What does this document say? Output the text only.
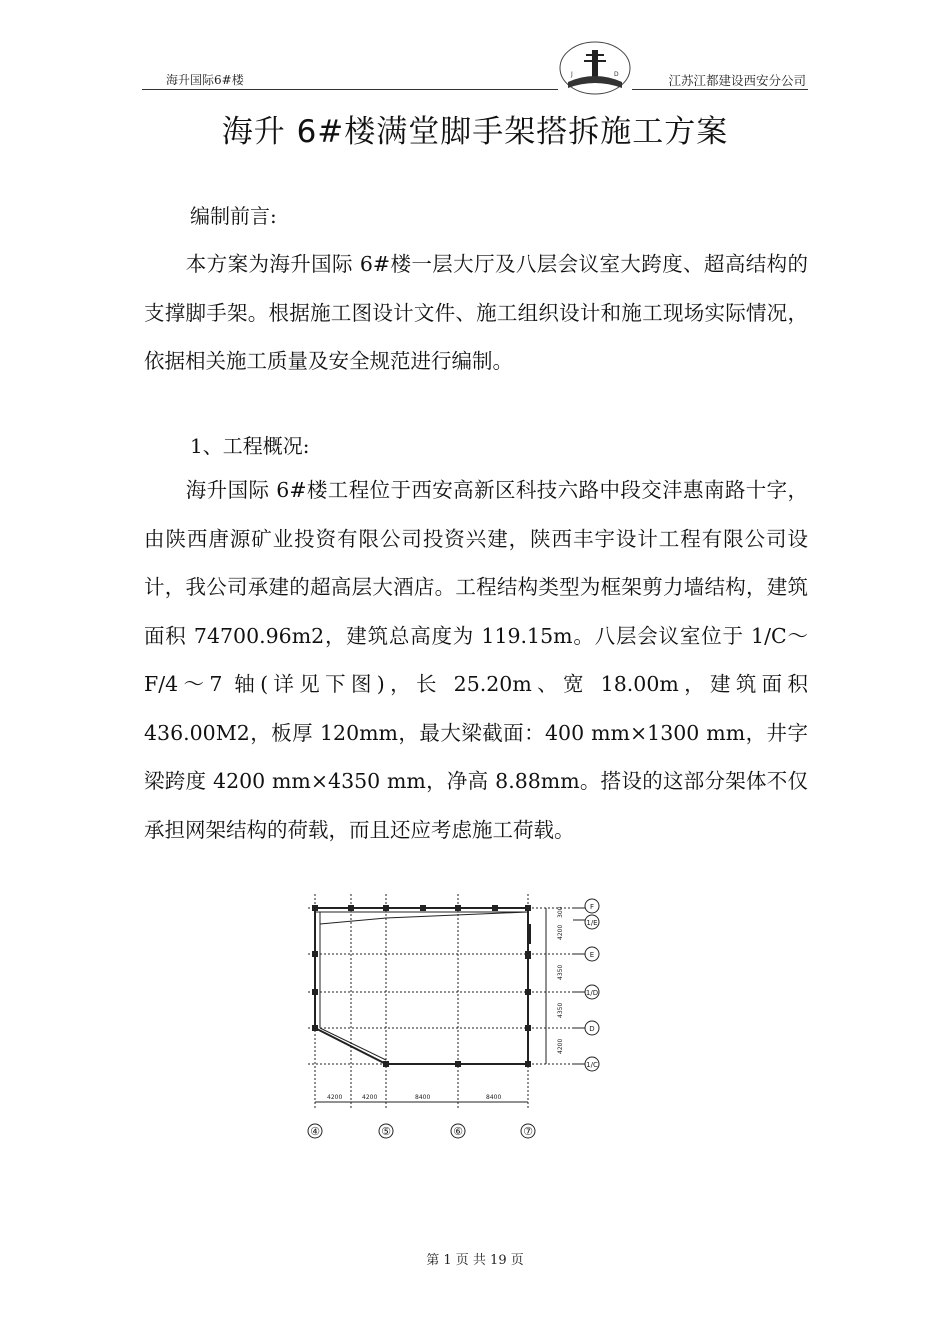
海升国际6#楼	江苏江都建设西安分公司
J	D
海升 6#楼满堂脚手架搭拆施工方案
编制前言:
　　本方案为海升国际 6#楼一层大厅及八层会议室大跨度、超高结构的支撑脚手架。根据施工图设计文件、施工组织设计和施工现场实际情况，依据相关施工质量及安全规范进行编制。
1、工程概况:
　　海升国际 6#楼工程位于西安高新区科技六路中段交沣惠南路十字，由陕西唐源矿业投资有限公司投资兴建，陕西丰宇设计工程有限公司设计，我公司承建的超高层大酒店。工程结构类型为框架剪力墙结构，建筑面积 74700.96m2，建筑总高度为 119.15m。八层会议室位于 1/C～F/4～7 轴(详见下图)，长 25.20m、宽 18.00m，建筑面积 436.00M2，板厚 120mm，最大梁截面：400 mm×1300 mm，井字梁跨度 4200 mm×4350 mm，净高 8.88mm。搭设的这部分架体不仅承担网架结构的荷载，而且还应考虑施工荷载。
4200	4200	8400	8400
300
4200
4350
4350
4200
④	⑤	⑥	⑦
F
1/E
E
1/D
D
1/C
第 1 页 共 19 页
